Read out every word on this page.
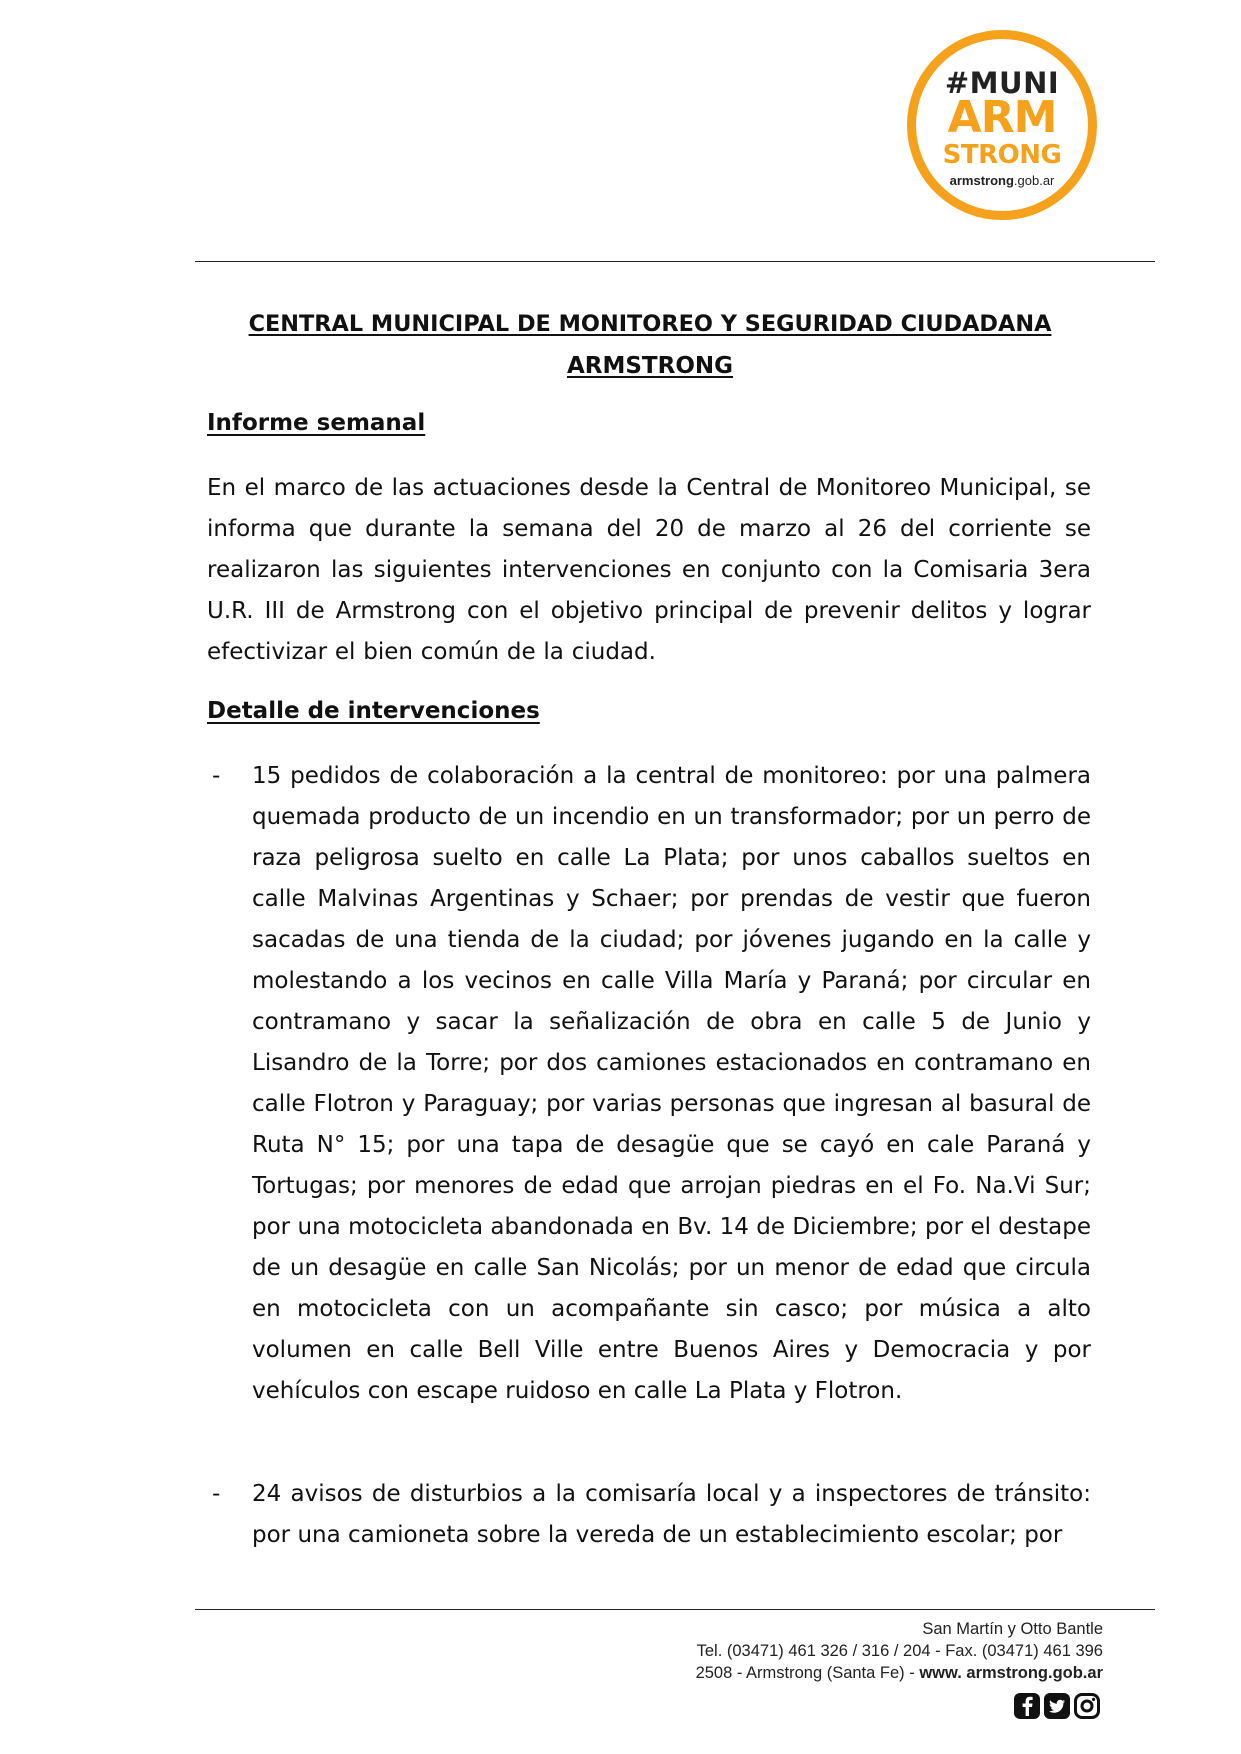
#MUNI
ARM
STRONG
armstrong.gob.ar
CENTRAL MUNICIPAL DE MONITOREO Y SEGURIDAD CIUDADANA
ARMSTRONG
Informe semanal
En el marco de las actuaciones desde la Central de Monitoreo Municipal, se informa que durante la semana del 20 de marzo al 26 del corriente se realizaron las siguientes intervenciones en conjunto con la Comisaria 3era U.R. III de Armstrong con el objetivo principal de prevenir delitos y lograr efectivizar el bien común de la ciudad.
Detalle de intervenciones
- 15 pedidos de colaboración a la central de monitoreo: por una palmera quemada producto de un incendio en un transformador; por un perro de raza peligrosa suelto en calle La Plata; por unos caballos sueltos en calle Malvinas Argentinas y Schaer; por prendas de vestir que fueron sacadas de una tienda de la ciudad; por jóvenes jugando en la calle y molestando a los vecinos en calle Villa María y Paraná; por circular en contramano y sacar la señalización de obra en calle 5 de Junio y Lisandro de la Torre; por dos camiones estacionados en contramano en calle Flotron y Paraguay; por varias personas que ingresan al basural de Ruta N° 15; por una tapa de desagüe que se cayó en cale Paraná y Tortugas; por menores de edad que arrojan piedras en el Fo. Na.Vi Sur; por una motocicleta abandonada en Bv. 14 de Diciembre; por el destape de un desagüe en calle San Nicolás; por un menor de edad que circula en motocicleta con un acompañante sin casco; por música a alto volumen en calle Bell Ville entre Buenos Aires y Democracia y por vehículos con escape ruidoso en calle La Plata y Flotron.
- 24 avisos de disturbios a la comisaría local y a inspectores de tránsito: por una camioneta sobre la vereda de un establecimiento escolar; por
San Martín y Otto Bantle
Tel. (03471) 461 326 / 316 / 204 - Fax. (03471) 461 396
2508 - Armstrong (Santa Fe) - www. armstrong.gob.ar
